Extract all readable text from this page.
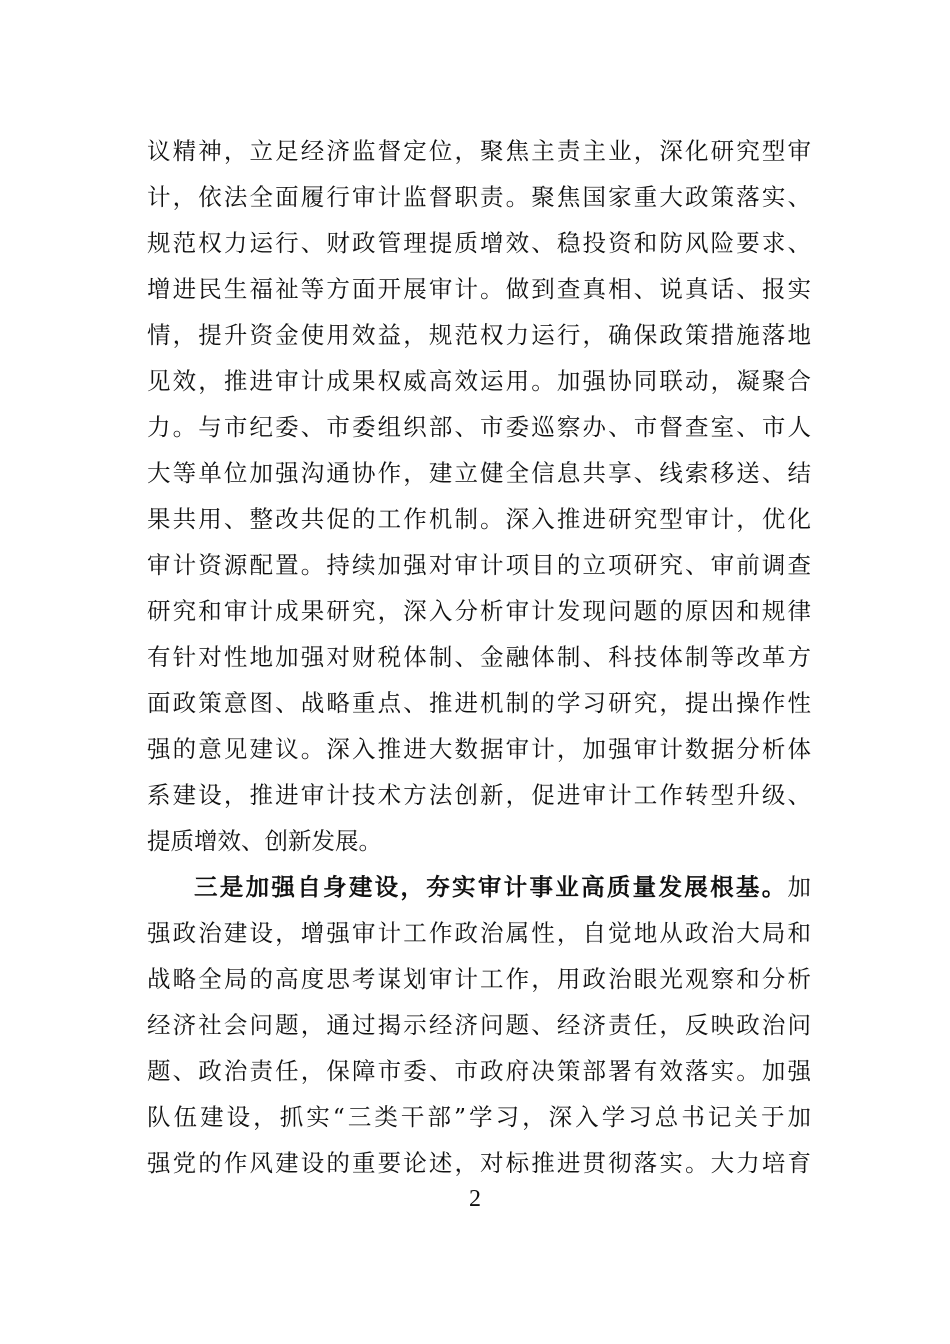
议精神，立足经济监督定位，聚焦主责主业，深化研究型审
计，依法全面履行审计监督职责。聚焦国家重大政策落实、
规范权力运行、财政管理提质增效、稳投资和防风险要求、
增进民生福祉等方面开展审计。做到查真相、说真话、报实
情，提升资金使用效益，规范权力运行，确保政策措施落地
见效，推进审计成果权威高效运用。加强协同联动，凝聚合
力。与市纪委、市委组织部、市委巡察办、市督查室、市人
大等单位加强沟通协作，建立健全信息共享、线索移送、结
果共用、整改共促的工作机制。深入推进研究型审计，优化
审计资源配置。持续加强对审计项目的立项研究、审前调查
研究和审计成果研究，深入分析审计发现问题的原因和规律
有针对性地加强对财税体制、金融体制、科技体制等改革方
面政策意图、战略重点、推进机制的学习研究，提出操作性
强的意见建议。深入推进大数据审计，加强审计数据分析体
系建设，推进审计技术方法创新，促进审计工作转型升级、
提质增效、创新发展。
三是加强自身建设，夯实审计事业高质量发展根基。加
强政治建设，增强审计工作政治属性，自觉地从政治大局和
战略全局的高度思考谋划审计工作，用政治眼光观察和分析
经济社会问题，通过揭示经济问题、经济责任，反映政治问
题、政治责任，保障市委、市政府决策部署有效落实。加强
队伍建设，抓实“三类干部”学习，深入学习总书记关于加
强党的作风建设的重要论述，对标推进贯彻落实。大力培育
2
